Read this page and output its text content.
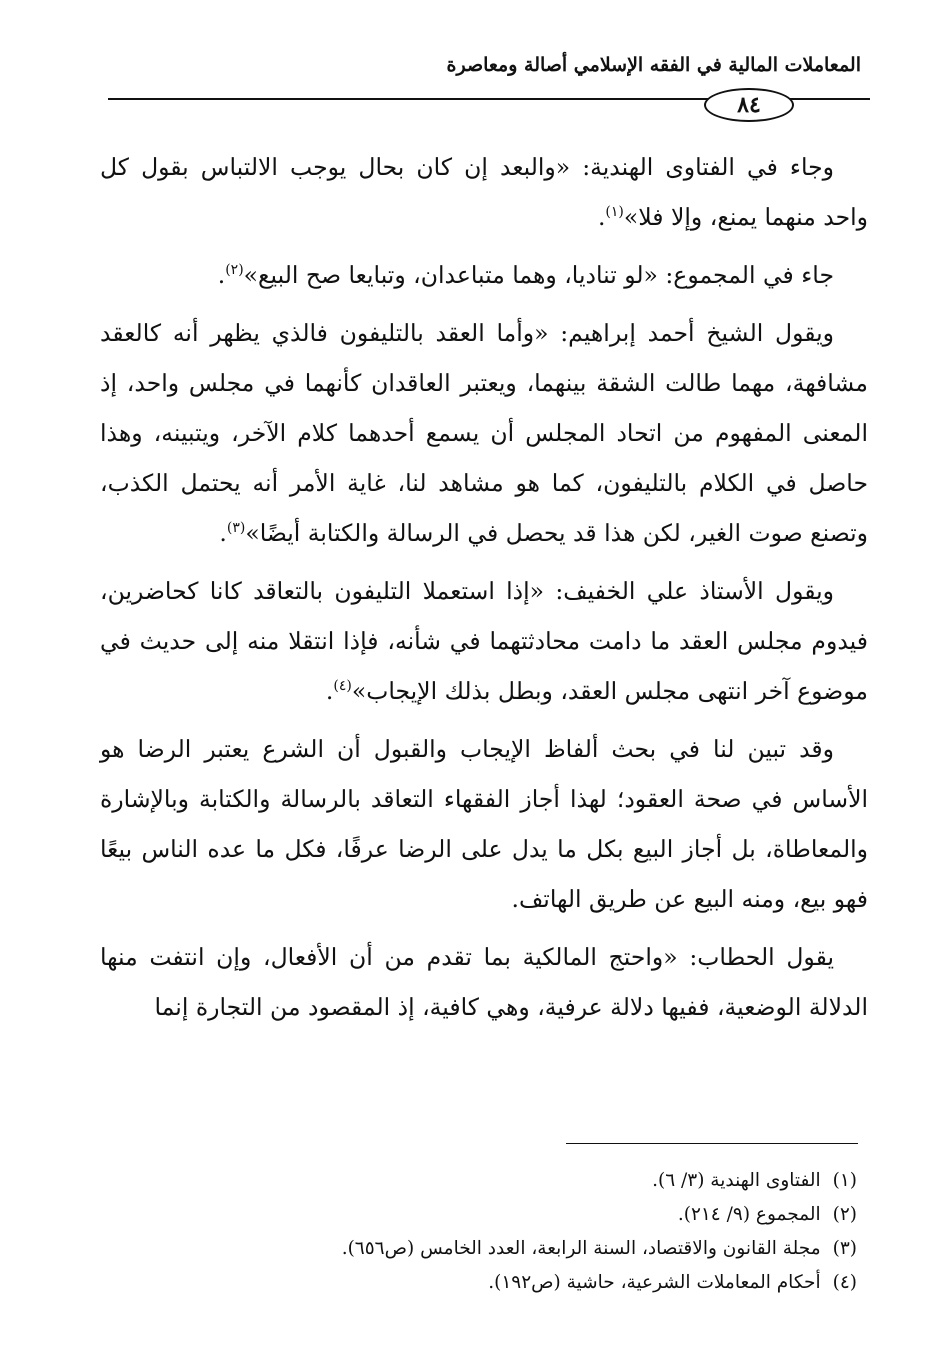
المعاملات المالية في الفقه الإسلامي أصالة ومعاصرة
٨٤

وجاء في الفتاوى الهندية: «والبعد إن كان بحال يوجب الالتباس بقول كل واحد منهما يمنع، وإلا فلا»$^{(١)}$.

جاء في المجموع: «لو تناديا، وهما متباعدان، وتبايعا صح البيع»$^{(٢)}$.

ويقول الشيخ أحمد إبراهيم: «وأما العقد بالتليفون فالذي يظهر أنه كالعقد مشافهة، مهما طالت الشقة بينهما، ويعتبر العاقدان كأنهما في مجلس واحد، إذ المعنى المفهوم من اتحاد المجلس أن يسمع أحدهما كلام الآخر، ويتبينه، وهذا حاصل في الكلام بالتليفون، كما هو مشاهد لنا، غاية الأمر أنه يحتمل الكذب، وتصنع صوت الغير، لكن هذا قد يحصل في الرسالة والكتابة أيضًا»$^{(٣)}$.

ويقول الأستاذ علي الخفيف: «إذا استعملا التليفون بالتعاقد كانا كحاضرين، فيدوم مجلس العقد ما دامت محادثتهما في شأنه، فإذا انتقلا منه إلى حديث في موضوع آخر انتهى مجلس العقد، وبطل بذلك الإيجاب»$^{(٤)}$.

وقد تبين لنا في بحث ألفاظ الإيجاب والقبول أن الشرع يعتبر الرضا هو الأساس في صحة العقود؛ لهذا أجاز الفقهاء التعاقد بالرسالة والكتابة وبالإشارة والمعاطاة، بل أجاز البيع بكل ما يدل على الرضا عرفًا، فكل ما عده الناس بيعًا فهو بيع، ومنه البيع عن طريق الهاتف.

يقول الحطاب: «واحتج المالكية بما تقدم من أن الأفعال، وإن انتفت منها الدلالة الوضعية، ففيها دلالة عرفية، وهي كافية، إذ المقصود من التجارة إنما

(١)الفتاوى الهندية (٣/ ٦).
(٢)المجموع (٩/ ٢١٤).
(٣)مجلة القانون والاقتصاد، السنة الرابعة، العدد الخامس (ص٦٥٦).
(٤)أحكام المعاملات الشرعية، حاشية (ص١٩٢).
